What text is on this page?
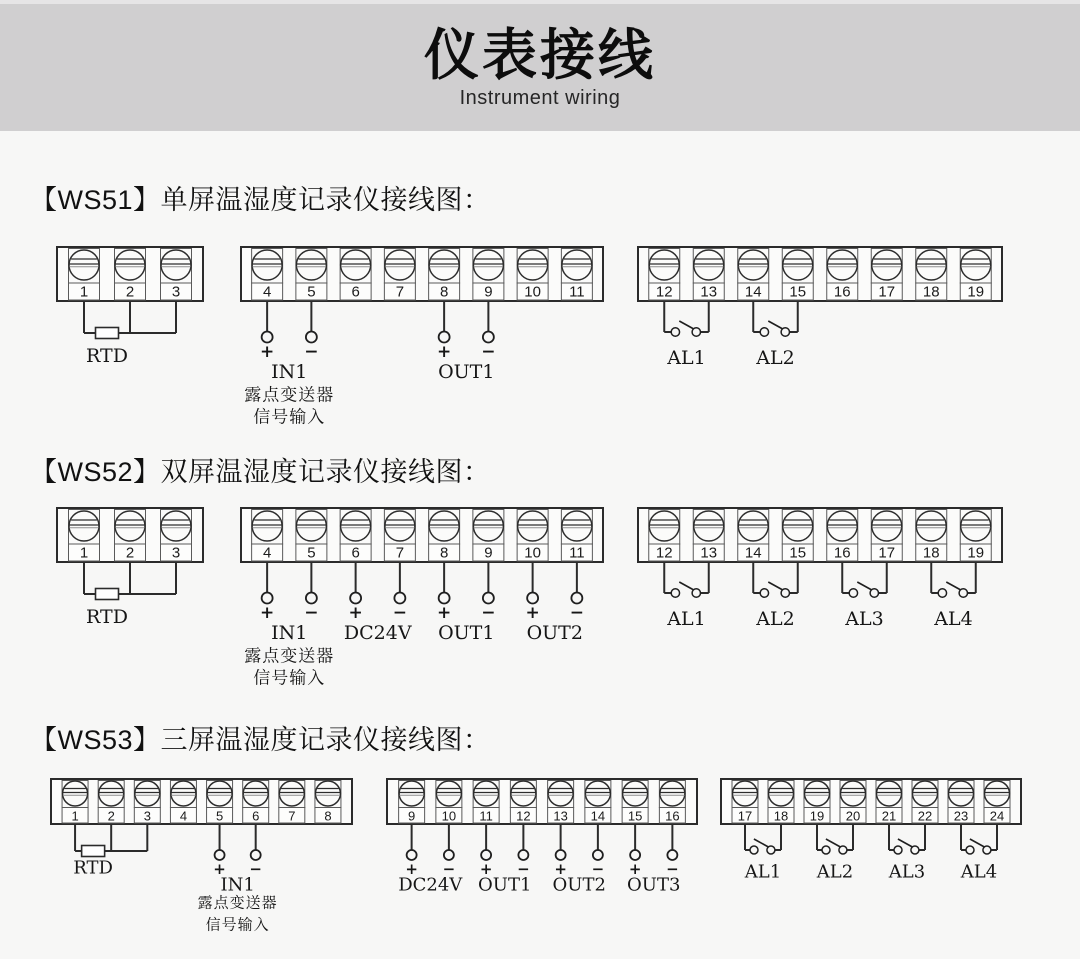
仪表接线
Instrument wiring
【WS51】单屏温湿度记录仪接线图：
1	2	3
RTD
4 5 6 7 8 9 10 11
+ −
IN1
露点变送器
信号输入
+ −
OUT1
12 13 14 15 16 17 18 19
AL1	AL2
【WS52】双屏温湿度记录仪接线图：
1	2	3
RTD
4 5 6 7 8 9 10 11
+ −
IN1
露点变送器
信号输入
+ −
DC24V
+ −
OUT1
+ −
OUT2
12 13 14 15 16 17 18 19
AL1	AL2	AL3	AL4
【WS53】三屏温湿度记录仪接线图：
1 2 3 4 5 6 7 8
RTD	+ −
IN1
露点变送器
信号输入
9 10 11 12 13 14 15 16
+ −
DC24V
+ −
OUT1
+ −
OUT2
+ −
OUT3
17 18 19 20 21 22 23 24
AL1 AL2 AL3 AL4
